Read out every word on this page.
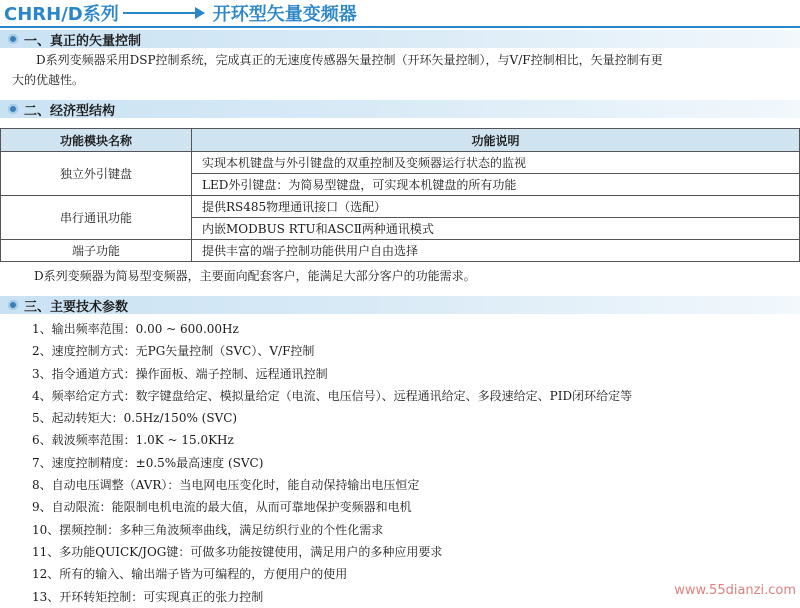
CHRH/D系列	开环型矢量变频器
一、真正的矢量控制
D系列变频器采用DSP控制系统，完成真正的无速度传感器矢量控制（开环矢量控制），与V/F控制相比，矢量控制有更
大的优越性。
二、经济型结构
功能模块名称	功能说明
独立外引键盘	实现本机键盘与外引键盘的双重控制及变频器运行状态的监视
	LED外引键盘：为简易型键盘，可实现本机键盘的所有功能
串行通讯功能	提供RS485物理通讯接口（选配）
	内嵌MODBUS RTU和ASCⅡ两种通讯模式
端子功能	提供丰富的端子控制功能供用户自由选择
D系列变频器为简易型变频器，主要面向配套客户，能满足大部分客户的功能需求。
三、主要技术参数
1、输出频率范围：0.00 ~ 600.00Hz
2、速度控制方式：无PG矢量控制（SVC）、V/F控制
3、指令通道方式：操作面板、端子控制、远程通讯控制
4、频率给定方式：数字键盘给定、模拟量给定（电流、电压信号）、远程通讯给定、多段速给定、PID闭环给定等
5、起动转矩大：0.5Hz/150% (SVC)
6、载波频率范围：1.0K ~ 15.0KHz
7、速度控制精度：±0.5%最高速度 (SVC)
8、自动电压调整（AVR）：当电网电压变化时，能自动保持输出电压恒定
9、自动限流：能限制电机电流的最大值，从而可靠地保护变频器和电机
10、摆频控制：多种三角波频率曲线，满足纺织行业的个性化需求
11、多功能QUICK/JOG键：可做多功能按键使用，满足用户的多种应用要求
12、所有的输入、输出端子皆为可编程的，方便用户的使用
13、开环转矩控制：可实现真正的张力控制	www.55dianzi.com
